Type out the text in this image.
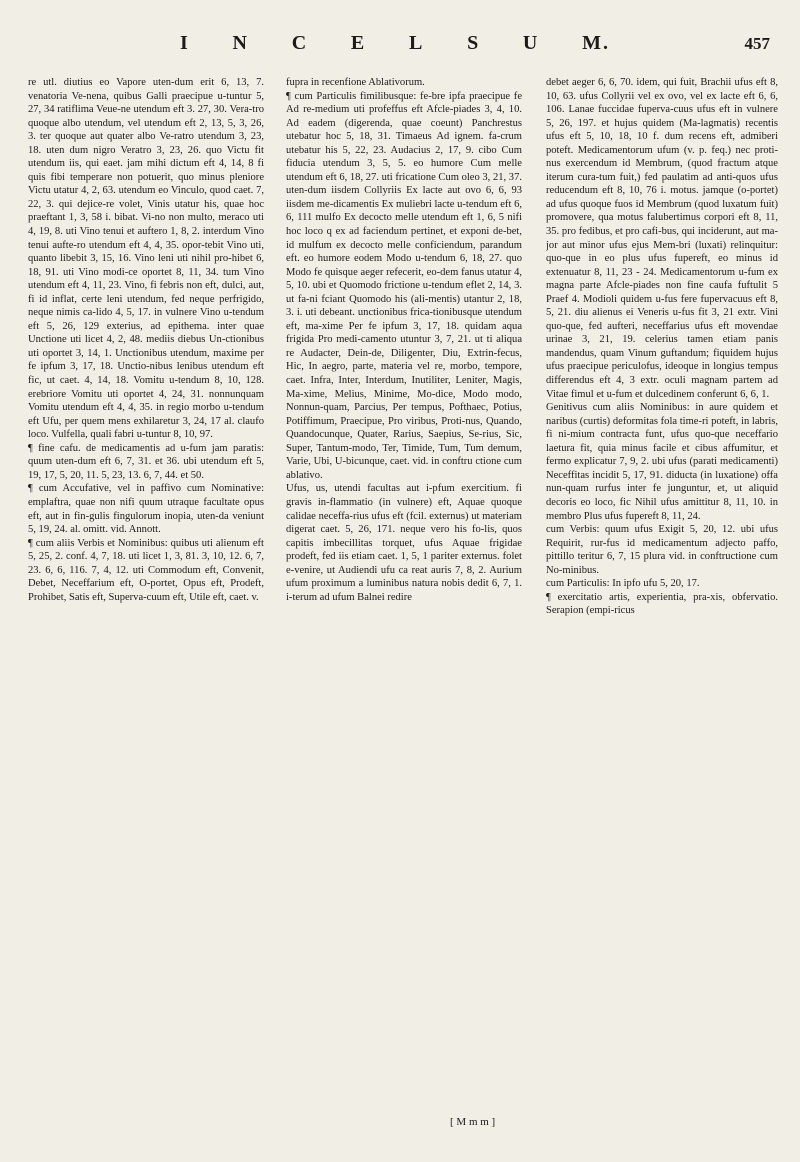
I N C E L S U M.	457

re utl. diutius eo Vapore uten-dum erit 6, 13, 7. venatoria Ve-nena, quibus Galli praecipue u-tuntur 5, 27, 34 ratiflima Veue-ne utendum eft 3. 27, 30. Vera-tro quoque albo utendum, vel utendum eft 2, 13, 5, 3, 26, 3. ter quoque aut quater albo Ve-ratro utendum 3, 23, 18. uten dum nigro Veratro 3, 23, 26. quo Victu fit utendum iis, qui eaet. jam mihi dictum eft 4, 14, 8 fi quis fibi temperare non potuerit, quo minus pleniore Victu utatur 4, 2, 63. utendum eo Vinculo, quod caet. 7, 22, 3. qui dejice-re volet, Vinis utatur his, quae hoc praeftant 1, 3, 58 i. bibat. Vi-no non multo, meraco uti 4, 19, 8. uti Vino tenui et auftero 1, 8, 2. interdum Vino tenui aufte-ro utendum eft 4, 4, 35. opor-tebit Vino uti, quanto libebit 3, 15, 16. Vino leni uti nihil pro-hibet 6, 18, 91. uti Vino modi-ce oportet 8, 11, 34. tum Vino utendum eft 4, 11, 23. Vino, fi febris non eft, dulci, aut, fi id inflat, certe leni utendum, fed neque perfrigido, neque nimis ca-lido 4, 5, 17. in vulnere Vino u-tendum eft 5, 26, 129 exterius, ad epithema. inter quae Unctione uti licet 4, 2, 48. mediis diebus Un-ctionibus uti oportet 3, 14, 1. Unctionibus utendum, maxime per fe ipfum 3, 17, 18. Unctio-nibus lenibus utendum eft fic, ut caet. 4, 14, 18. Vomitu u-tendum 8, 10, 128. erebriore Vomitu uti oportet 4, 24, 31. nonnunquam Vomitu utendum eft 4, 4, 35. in regio morbo u-tendum eft Ufu, per quem mens exhilaretur 3, 24, 17 al. claufo loco. Vulfella, quali fabri u-tuntur 8, 10, 97.
¶ fine cafu. de medicamentis ad u-fum jam paratis: quum uten-dum eft 6, 7, 31. et 36. ubi utendum eft 5, 19, 17, 5, 20, 11. 5, 23, 13. 6, 7, 44. et 50.
¶ cum Accufative, vel in paffivo cum Nominative: emplaftra, quae non nifi quum utraque facultate opus eft, aut in fin-gulis fingulorum inopia, uten-da veniunt 5, 19, 24. al. omitt. vid. Annott.
¶ cum aliis Verbis et Nominibus: quibus uti alienum eft 5, 25, 2. conf. 4, 7, 18. uti licet 1, 3, 81. 3, 10, 12. 6, 7, 23. 6, 6, 116. 7, 4, 12. uti Commodum eft, Convenit, Debet, Neceffarium eft, O-portet, Opus eft, Prodeft, Prohibet, Satis eft, Superva-cuum eft, Utile eft, caet. v.

fupra in recenfione Ablativorum.
¶ cum Particulis fimilibusque: fe-bre ipfa praecipue fe Ad re-medium uti profeffus eft Afcle-piades 3, 4, 10. Ad eadem (digerenda, quae coeunt) Panchrestus utebatur hoc 5, 18, 31. Timaeus Ad ignem. fa-crum utebatur his 5, 22, 23. Audacius 2, 17, 9. cibo Cum fiducia utendum 3, 5, 5. eo humore Cum melle utendum eft 6, 18, 27. uti fricatione Cum oleo 3, 21, 37. uten-dum iisdem Collyriis Ex lacte aut ovo 6, 6, 93 iisdem me-dicamentis Ex muliebri lacte u-tendum eft 6, 6, 111 mulfo Ex decocto melle utendum eft 1, 6, 5 nifi hoc loco q ex ad faciendum pertinet, et exponi de-bet, id mulfum ex decocto melle conficiendum, parandum eft. eo humore eodem Modo u-tendum 6, 18, 27. quo Modo fe quisque aeger refecerit, eo-dem fanus utatur 4, 5, 10. ubi et Quomodo frictione u-tendum eflet 2, 14, 3. ut fa-ni fciant Quomodo his (ali-mentis) utantur 2, 18, 3. i. uti debeant. unctionibus frica-tionibusque utendum eft, ma-xime Per fe ipfum 3, 17, 18. quidam aqua frigida Pro medi-camento utuntur 3, 7, 21. ut ti aliqua re Audacter, Dein-de, Diligenter, Diu, Extrin-fecus, Hic, In aegro, parte, materia vel re, morbo, tempore, caet. Infra, Inter, Interdum, Inutiliter, Leniter, Magis, Ma-xime, Melius, Minime, Mo-dice, Modo modo, Nonnun-quam, Parcius, Per tempus, Pofthaec, Potius, Potiffimum, Praecipue, Pro viribus, Proti-nus, Quando, Quandocunque, Quater, Rarius, Saepius, Se-rius, Sic, Super, Tantum-modo, Ter, Timide, Tum, Tum demum, Varie, Ubi, U-bicunque, caet. vid. in conftru ctione cum ablativo.
Ufus, us, utendi facultas aut i-pfum exercitium. fi gravis in-flammatio (in vulnere) eft, Aquae quoque calidae neceffa-rius ufus eft (fcil. externus) ut materiam digerat caet. 5, 26, 171. neque vero his fo-lis, quos capitis imbecillitas torquet, ufus Aquae frigidae prodeft, fed iis etiam caet. 1, 5, 1 pariter externus. folet e-venire, ut Audiendi ufu ca reat auris 7, 8, 2. Aurium ufum proximum a luminibus natura nobis dedit 6, 7, 1. i-terum ad ufum Balnei redire

debet aeger 6, 6, 70. idem, qui fuit, Brachii ufus eft 8, 10, 63. ufus Collyrii vel ex ovo, vel ex lacte eft 6, 6, 106. Lanae fuccidae fuperva-cuus ufus eft in vulnere 5, 26, 197. et hujus quidem (Ma-lagmatis) recentis ufus eft 5, 10, 18, 10 f. dum recens eft, admiberi poteft. Medicamentorum ufum (v. p. feq.) nec proti-nus exercendum id Membrum, (quod fractum atque iterum cura-tum fuit,) fed paulatim ad anti-quos ufus reducendum eft 8, 10, 76 i. motus. jamque (o-portet) ad ufus quoque fuos id Membrum (quod luxatum fuit) promovere, qua motus falubertimus corpori eft 8, 11, 35. pro fedibus, et pro cafi-bus, qui inciderunt, aut ma-jor aut minor ufus ejus Mem-bri (luxati) relinquitur: quo-que in eo plus ufus fupereft, eo minus id extenuatur 8, 11, 23 - 24. Medicamentorum u-fum ex magna parte Afcle-piades non fine caufa fuftulit 5 Praef 4. Modioli quidem u-fus fere fupervacuus eft 8, 5, 21. diu alienus ei Veneris u-fus fit 3, 21 extr. Vini quo-que, fed aufteri, neceffarius ufus eft movendae urinae 3, 21, 19. celerius tamen etiam panis mandendus, quam Vinum guftandum; fiquidem hujus ufus praecipue periculofus, ideoque in longius tempus differendus eft 4, 3 extr. oculi magnam partem ad Vitae fimul et u-fum et dulcedinem conferunt 6, 6, 1.
Genitivus cum aliis Nominibus: in aure quidem et naribus (curtis) deformitas fola time-ri poteft, in labris, fi ni-mium contracta funt, ufus quo-que neceffario laetura fit, quia minus facile et cibus affumitur, et fermo explicatur 7, 9, 2. ubi ufus (parati medicamenti) Neceffitas incidit 5, 17, 91. diducta (in luxatione) offa nun-quam rurfus inter fe junguntur, et, ut aliquid decoris eo loco, fic Nihil ufus amittitur 8, 11, 10. in membro Plus ufus fupereft 8, 11, 24.
cum Verbis: quum ufus Exigit 5, 20, 12. ubi ufus Requirit, rur-fus id medicamentum adjecto paffo, pittillo teritur 6, 7, 15 plura vid. in conftructione cum No-minibus.
cum Particulis: In ipfo ufu 5, 20, 17.
¶ exercitatio artis, experientia, pra-xis, obfervatio. Serapion (empi-ricus

[ M m m ]
